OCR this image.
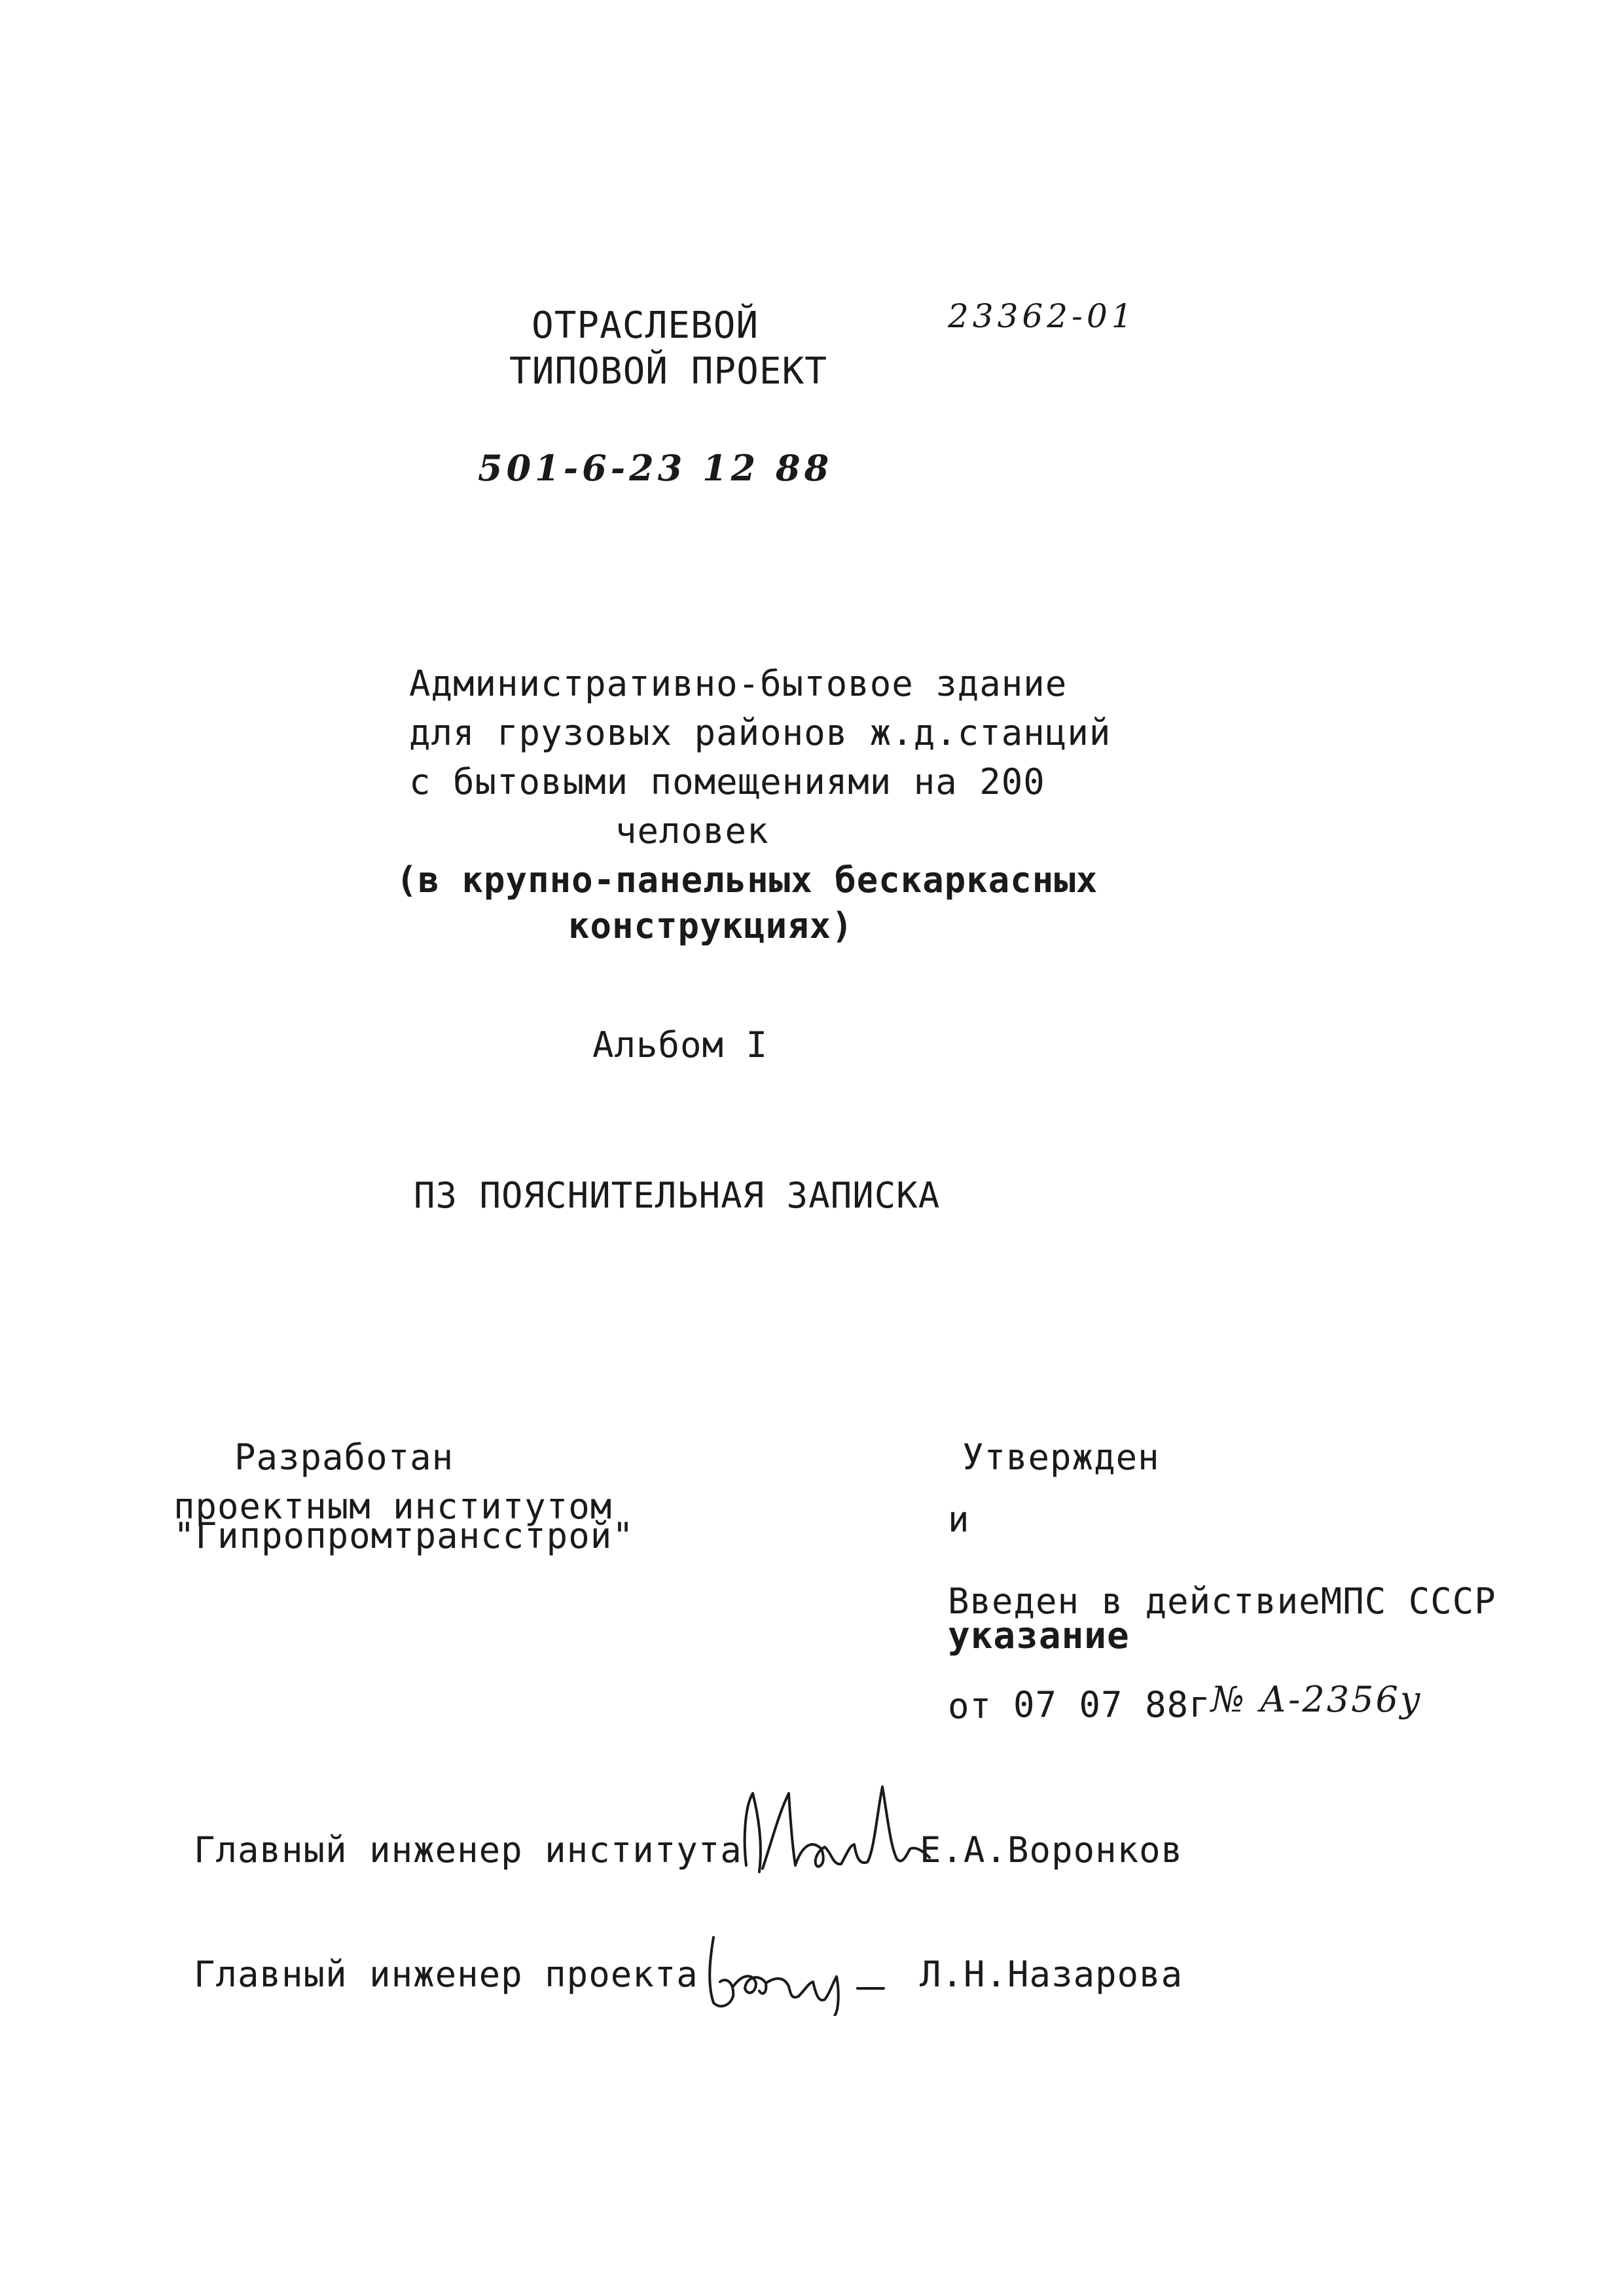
ОТРАСЛЕВОЙ
ТИПОВОЙ ПРОЕКТ
23362-01
501-6-23 12 88
Административно-бытовое здание
для грузовых районов ж.д.станций
с бытовыми помещениями на 200
человек
(в крупно-панельных бескаркасных
конструкциях)
Альбом I
ПЗ ПОЯСНИТЕЛЬНАЯ ЗАПИСКА
Разработан
проектным институтом
"Гипропромтрансстрой"
Утвержден
и
Введен в действиеМПС СССР
указание
от 07 07 88г № А-2356у
Главный инженер института	Е.А.Воронков
Главный инженер проекта	Л.Н.Назарова
